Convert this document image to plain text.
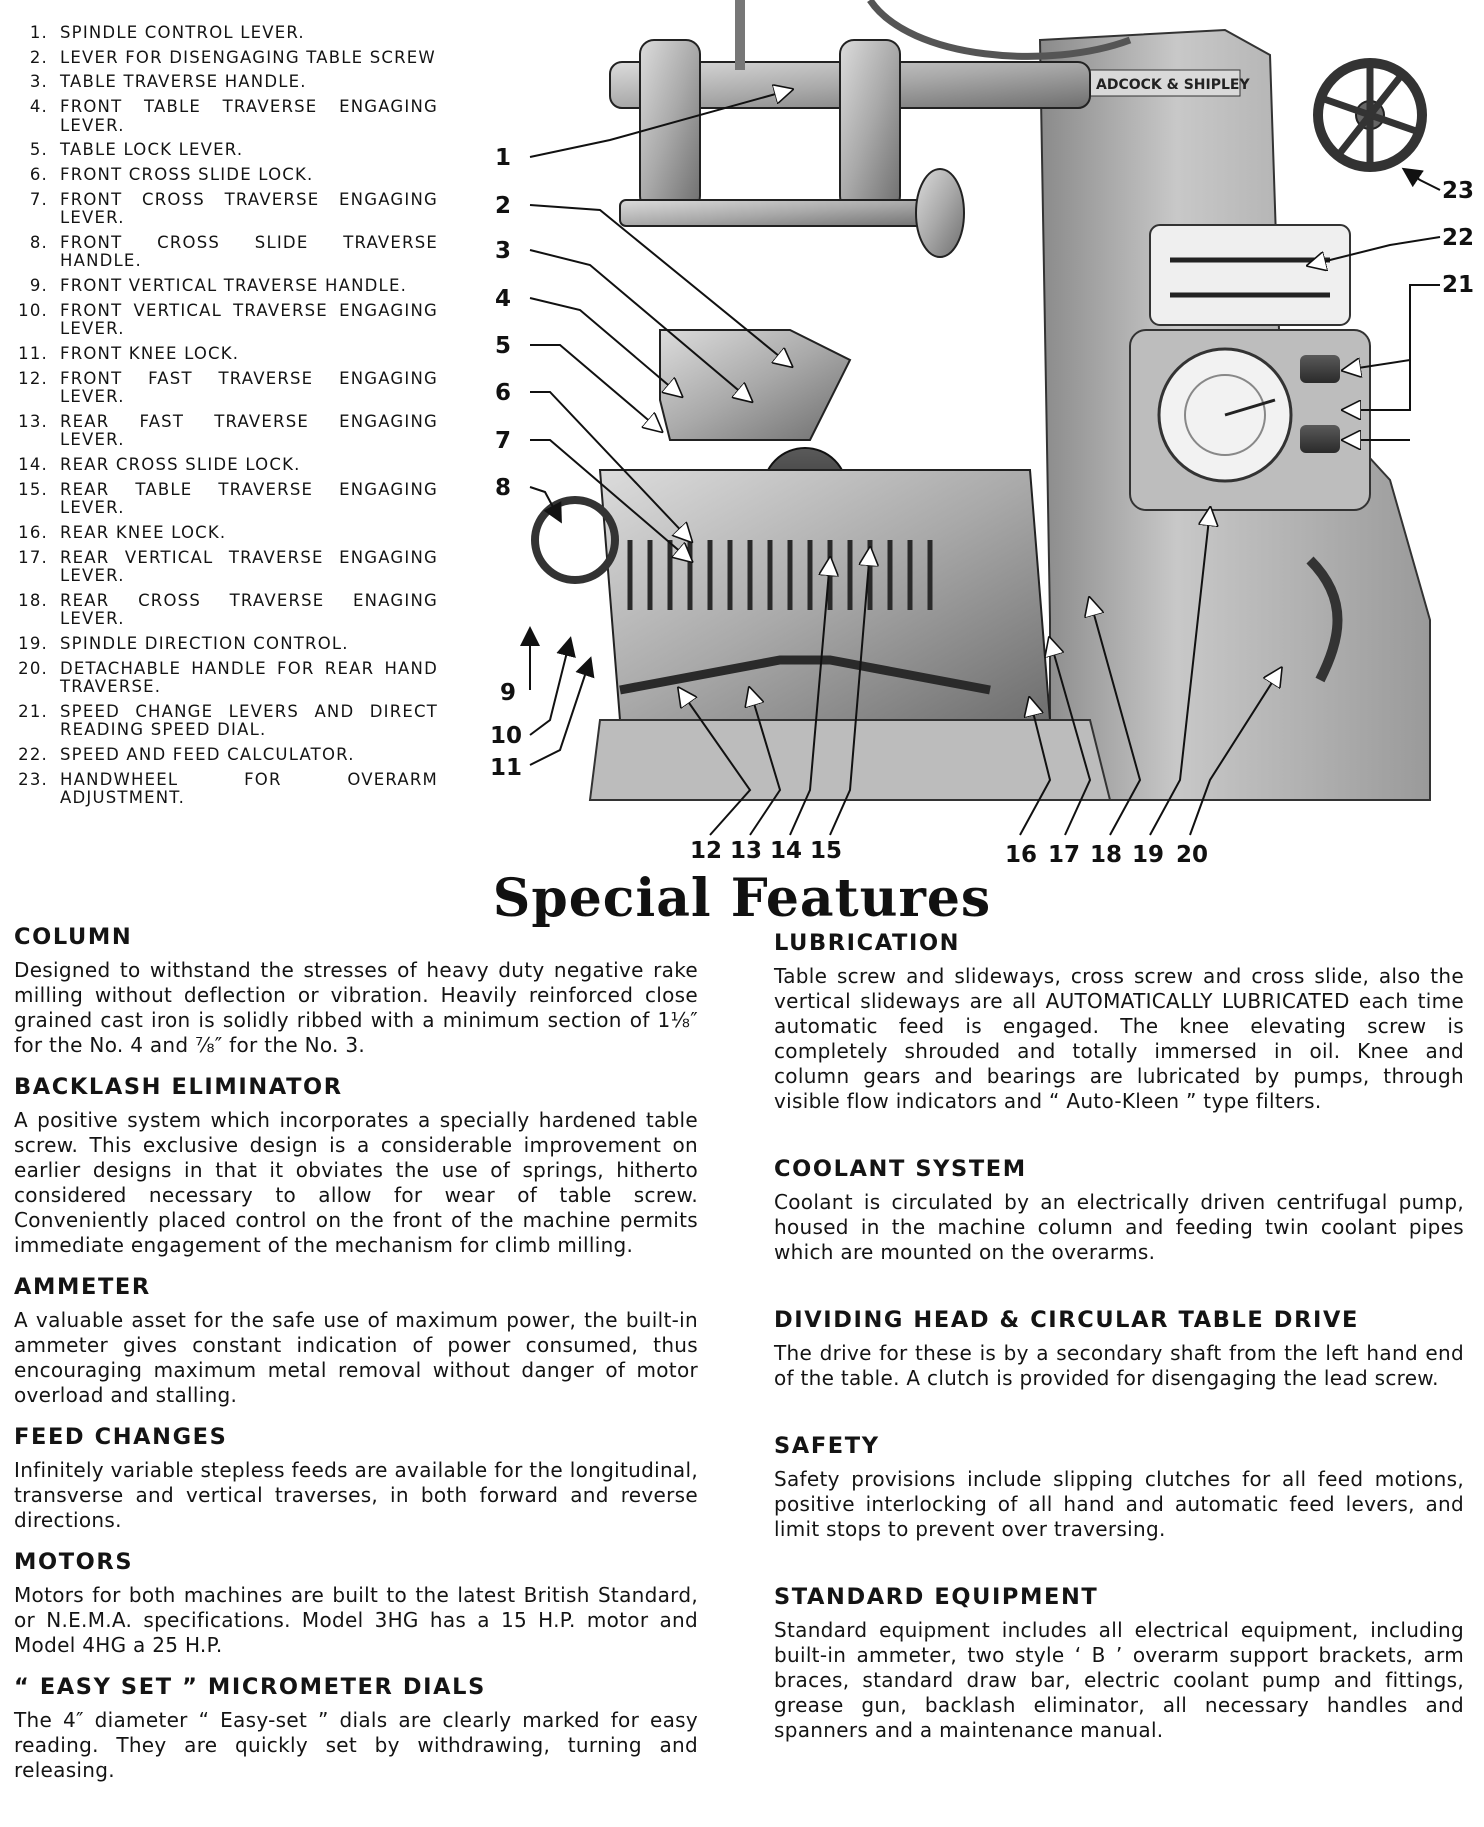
1. SPINDLE CONTROL LEVER.
2. LEVER FOR DISENGAGING TABLE SCREW
3. TABLE TRAVERSE HANDLE.
4. FRONT TABLE TRAVERSE ENGAGING LEVER.
5. TABLE LOCK LEVER.
6. FRONT CROSS SLIDE LOCK.
7. FRONT CROSS TRAVERSE ENGAGING LEVER.
8. FRONT CROSS SLIDE TRAVERSE HANDLE.
9. FRONT VERTICAL TRAVERSE HANDLE.
10. FRONT VERTICAL TRAVERSE ENGAGING LEVER.
11. FRONT KNEE LOCK.
12. FRONT FAST TRAVERSE ENGAGING LEVER.
13. REAR FAST TRAVERSE ENGAGING LEVER.
14. REAR CROSS SLIDE LOCK.
15. REAR TABLE TRAVERSE ENGAGING LEVER.
16. REAR KNEE LOCK.
17. REAR VERTICAL TRAVERSE ENGAGING LEVER.
18. REAR CROSS TRAVERSE ENAGING LEVER.
19. SPINDLE DIRECTION CONTROL.
20. DETACHABLE HANDLE FOR REAR HAND TRAVERSE.
21. SPEED CHANGE LEVERS AND DIRECT READING SPEED DIAL.
22. SPEED AND FEED CALCULATOR.
23. HANDWHEEL FOR OVERARM ADJUSTMENT.
ADCOCK & SHIPLEY
1
2
3
4
5
6
7
8
9
10
11
23
22
21
12 13 14 15	16 17 18 19 20
Special Features
COLUMN

Designed to withstand the stresses of heavy duty negative rake milling without deflection or vibration. Heavily reinforced close grained cast iron is solidly ribbed with a minimum section of 1⅛″ for the No. 4 and ⅞″ for the No. 3.

BACKLASH ELIMINATOR

A positive system which incorporates a specially hardened table screw. This exclusive design is a considerable improvement on earlier designs in that it obviates the use of springs, hitherto considered necessary to allow for wear of table screw. Conveniently placed control on the front of the machine permits immediate engagement of the mechanism for climb milling.

AMMETER

A valuable asset for the safe use of maximum power, the built-in ammeter gives constant indication of power consumed, thus encouraging maximum metal removal without danger of motor overload and stalling.

FEED CHANGES

Infinitely variable stepless feeds are available for the longitudinal, transverse and vertical traverses, in both forward and reverse directions.

MOTORS

Motors for both machines are built to the latest British Standard, or N.E.M.A. specifications. Model 3HG has a 15 H.P. motor and Model 4HG a 25 H.P.

“ EASY SET ” MICROMETER DIALS

The 4″ diameter “ Easy-set ” dials are clearly marked for easy reading. They are quickly set by withdrawing, turning and releasing.

LUBRICATION

Table screw and slideways, cross screw and cross slide, also the vertical slideways are all AUTOMATICALLY LUBRICATED each time automatic feed is engaged. The knee elevating screw is completely shrouded and totally immersed in oil. Knee and column gears and bearings are lubricated by pumps, through visible flow indicators and “ Auto-Kleen ” type filters.

COOLANT SYSTEM

Coolant is circulated by an electrically driven centrifugal pump, housed in the machine column and feeding twin coolant pipes which are mounted on the overarms.

DIVIDING HEAD & CIRCULAR TABLE DRIVE

The drive for these is by a secondary shaft from the left hand end of the table. A clutch is provided for disengaging the lead screw.

SAFETY

Safety provisions include slipping clutches for all feed motions, positive interlocking of all hand and automatic feed levers, and limit stops to prevent over traversing.

STANDARD EQUIPMENT

Standard equipment includes all electrical equipment, including built-in ammeter, two style ‘ B ’ overarm support brackets, arm braces, standard draw bar, electric coolant pump and fittings, grease gun, backlash eliminator, all necessary handles and spanners and a maintenance manual.
